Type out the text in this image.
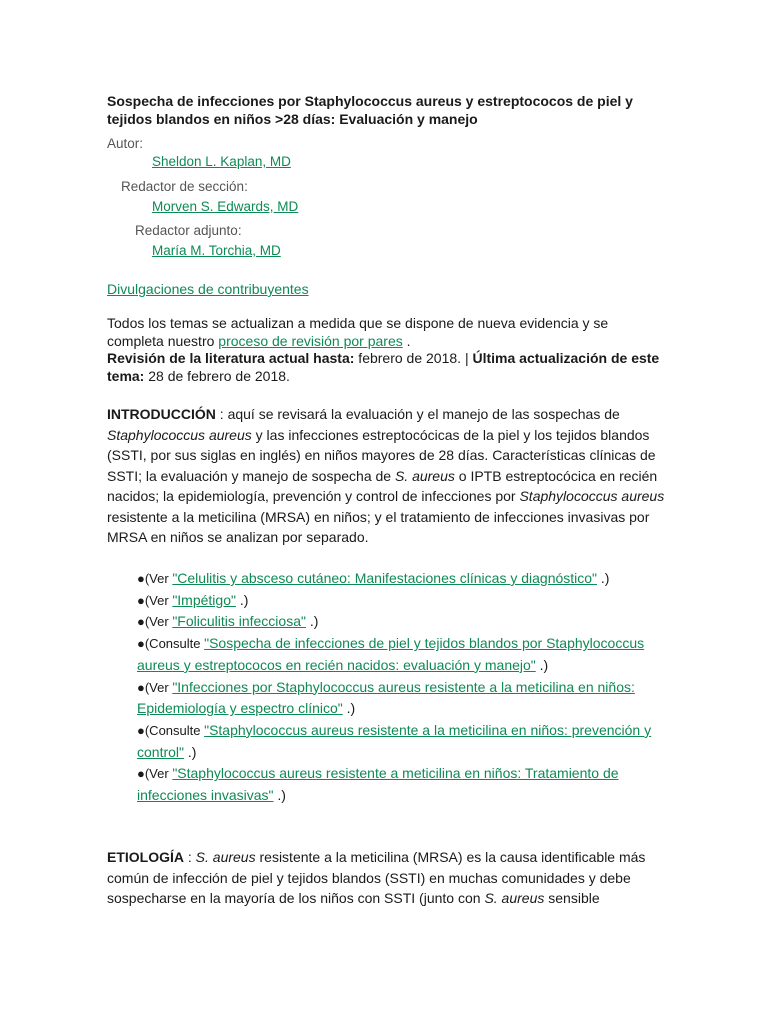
Sospecha de infecciones por Staphylococcus aureus y estreptococos de piel y
tejidos blandos en niños >28 días: Evaluación y manejo
Autor:
Sheldon L. Kaplan, MD
Redactor de sección:
Morven S. Edwards, MD
Redactor adjunto:
María M. Torchia, MD
Divulgaciones de contribuyentes
Todos los temas se actualizan a medida que se dispone de nueva evidencia y se completa nuestro proceso de revisión por pares .
Revisión de la literatura actual hasta: febrero de 2018. | Última actualización de este tema: 28 de febrero de 2018.
INTRODUCCIÓN : aquí se revisará la evaluación y el manejo de las sospechas de Staphylococcus aureus y las infecciones estreptocócicas de la piel y los tejidos blandos (SSTI, por sus siglas en inglés) en niños mayores de 28 días. Características clínicas de SSTI; la evaluación y manejo de sospecha de S. aureus o IPTB estreptocócica en recién nacidos; la epidemiología, prevención y control de infecciones por Staphylococcus aureus resistente a la meticilina (MRSA) en niños; y el tratamiento de infecciones invasivas por MRSA en niños se analizan por separado.
●(Ver "Celulitis y absceso cutáneo: Manifestaciones clínicas y diagnóstico" .)
●(Ver "Impétigo" .)
●(Ver "Foliculitis infecciosa" .)
●(Consulte "Sospecha de infecciones de piel y tejidos blandos por Staphylococcus aureus y estreptococos en recién nacidos: evaluación y manejo" .)
●(Ver "Infecciones por Staphylococcus aureus resistente a la meticilina en niños: Epidemiología y espectro clínico" .)
●(Consulte "Staphylococcus aureus resistente a la meticilina en niños: prevención y control" .)
●(Ver "Staphylococcus aureus resistente a meticilina en niños: Tratamiento de infecciones invasivas" .)
ETIOLOGÍA : S. aureus resistente a la meticilina (MRSA) es la causa identificable más común de infección de piel y tejidos blandos (SSTI) en muchas comunidades y debe sospecharse en la mayoría de los niños con SSTI (junto con S. aureus sensible
